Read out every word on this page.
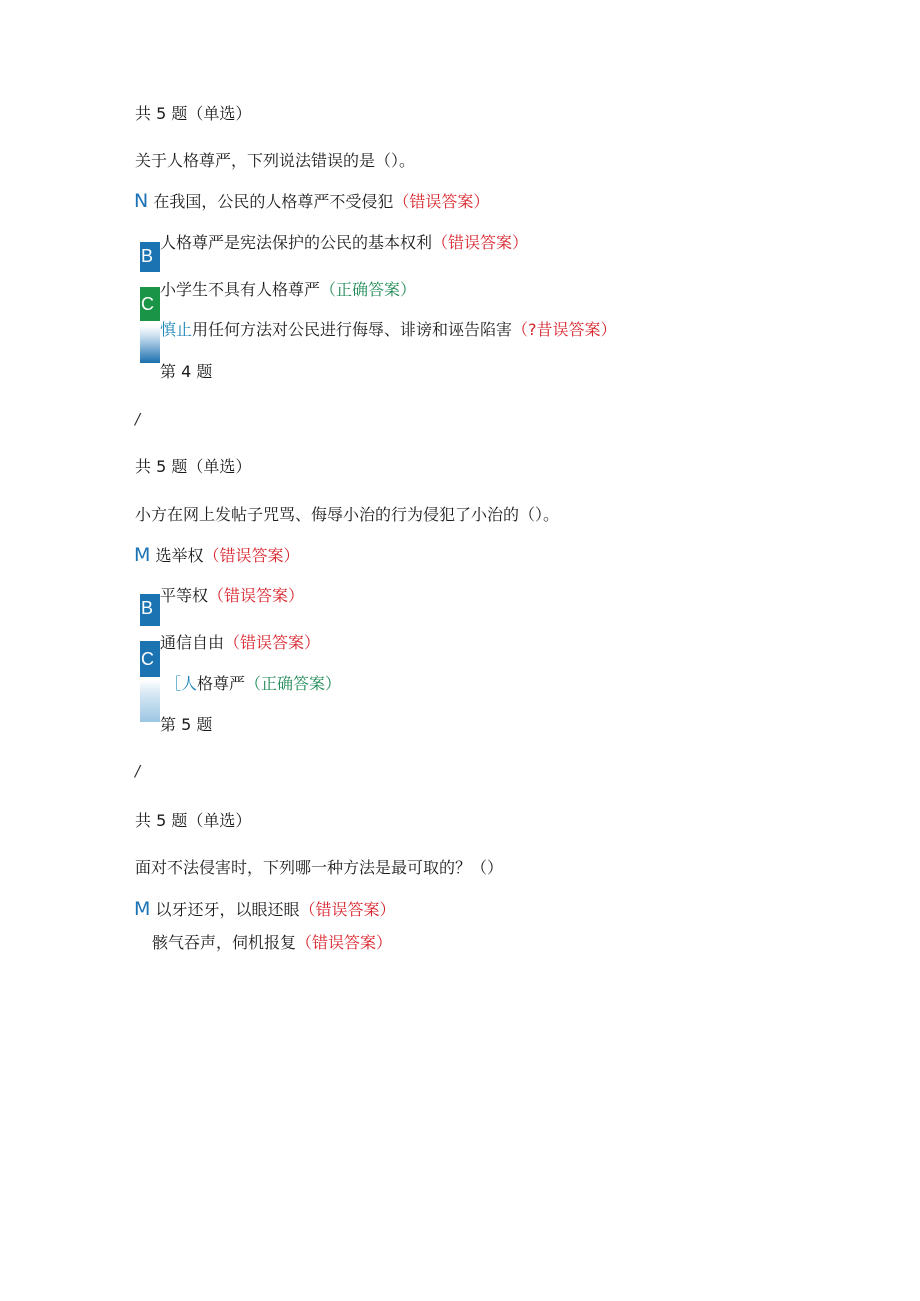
共 5 题（单选）
关于人格尊严，下列说法错误的是（）。
N 在我国，公民的人格尊严不受侵犯（错误答案）
B
人格尊严是宪法保护的公民的基本权利（错误答案）
C
小学生不具有人格尊严（正确答案）
慎止用任何方法对公民进行侮辱、诽谤和诬告陷害（?昔误答案）
第 4 题
/
共 5 题（单选）
小方在网上发帖子咒骂、侮辱小治的行为侵犯了小治的（）。
M 选举权（错误答案）
B
平等权（错误答案）
C
通信自由（错误答案）
［人格尊严（正确答案）
第 5 题
/
共 5 题（单选）
面对不法侵害时，下列哪一种方法是最可取的？（）
M 以牙还牙，以眼还眼（错误答案）
骸气吞声，伺机报复（错误答案）
